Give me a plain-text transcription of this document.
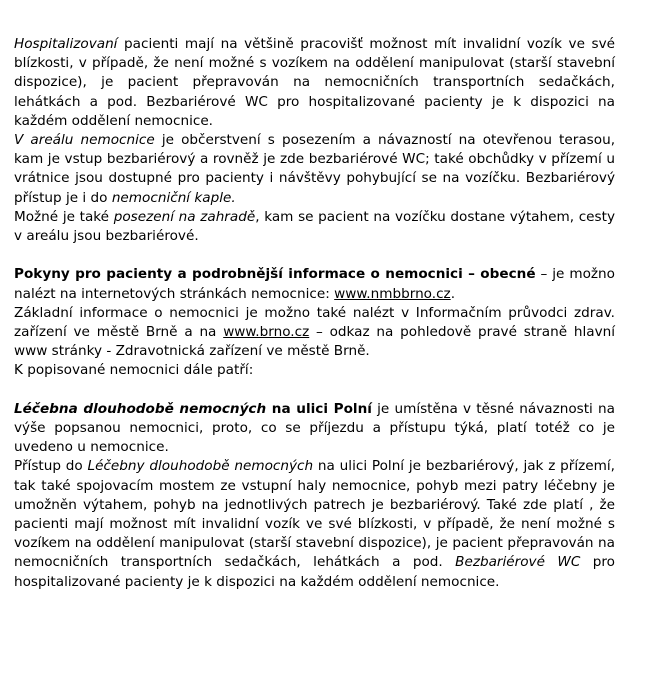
Hospitalizovaní pacienti mají na většině pracovišť možnost mít invalidní vozík ve své blízkosti, v případě, že není možné s vozíkem na oddělení manipulovat (starší stavební dispozice), je pacient přepravován na nemocničních transportních sedačkách, lehátkách a pod. Bezbariérové WC pro hospitalizované pacienty je k dispozici na každém oddělení nemocnice.

V areálu nemocnice je občerstvení s posezením a návazností na otevřenou terasou, kam je vstup bezbariérový a rovněž je zde bezbariérové WC; také obchůdky v přízemí u vrátnice jsou dostupné pro pacienty i návštěvy pohybující se na vozíčku. Bezbariérový přístup je i do nemocniční kaple.

Možné je také posezení na zahradě, kam se pacient na vozíčku dostane výtahem, cesty v areálu jsou bezbariérové.

Pokyny pro pacienty a podrobnější informace o nemocnici – obecné – je možno nalézt na internetových stránkách nemocnice: www.nmbbrno.cz.

Základní informace o nemocnici je možno také nalézt v Informačním průvodci zdrav. zařízení ve městě Brně a na www.brno.cz – odkaz na pohledově pravé straně hlavní www stránky - Zdravotnická zařízení ve městě Brně.

K popisované nemocnici dále patří:

Léčebna dlouhodobě nemocných na ulici Polní je umístěna v těsné návaznosti na výše popsanou nemocnici, proto, co se příjezdu a přístupu týká, platí totéž co je uvedeno u nemocnice.

Přístup do Léčebny dlouhodobě nemocných na ulici Polní je bezbariérový, jak z přízemí, tak také spojovacím mostem ze vstupní haly nemocnice, pohyb mezi patry léčebny je umožněn výtahem, pohyb na jednotlivých patrech je bezbariérový. Také zde platí , že pacienti mají možnost mít invalidní vozík ve své blízkosti, v případě, že není možné s vozíkem na oddělení manipulovat (starší stavební dispozice), je pacient přepravován na nemocničních transportních sedačkách, lehátkách a pod. Bezbariérové WC pro hospitalizované pacienty je k dispozici na každém oddělení nemocnice.
